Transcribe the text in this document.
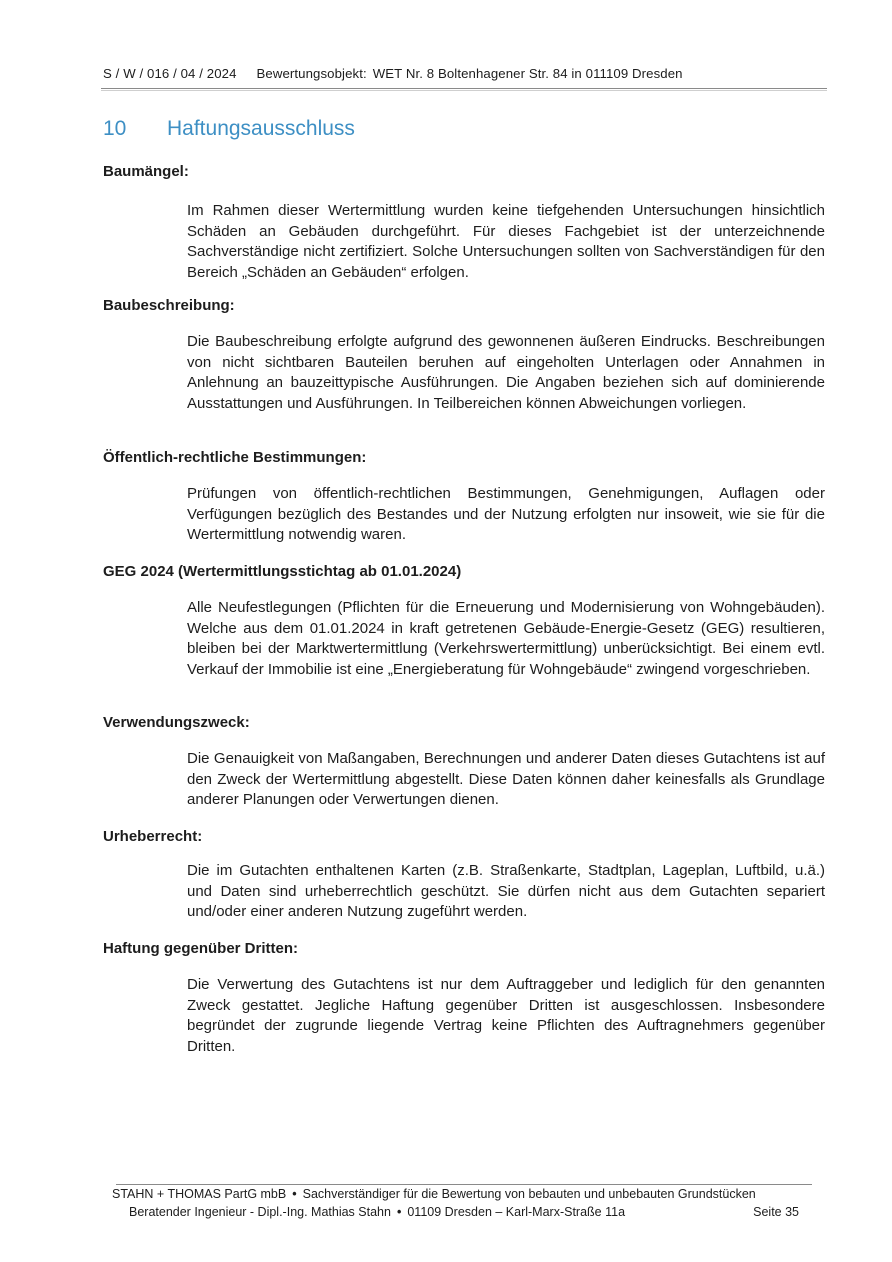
S / W / 016 / 04 / 2024 Bewertungsobjekt: WET Nr. 8 Boltenhagener Str. 84 in 011109 Dresden
10 Haftungsausschluss
Baumängel:

Im Rahmen dieser Wertermittlung wurden keine tiefgehenden Untersuchungen hinsichtlich Schäden an Gebäuden durchgeführt. Für dieses Fachgebiet ist der unterzeichnende Sachverständige nicht zertifiziert. Solche Untersuchungen sollten von Sachverständigen für den Bereich „Schäden an Gebäuden“ erfolgen.

Baubeschreibung:

Die Baubeschreibung erfolgte aufgrund des gewonnenen äußeren Eindrucks. Beschreibungen von nicht sichtbaren Bauteilen beruhen auf eingeholten Unterlagen oder Annahmen in Anlehnung an bauzeittypische Ausführungen. Die Angaben beziehen sich auf dominierende Ausstattungen und Ausführungen. In Teilbereichen können Abweichungen vorliegen.

Öffentlich-rechtliche Bestimmungen:

Prüfungen von öffentlich-rechtlichen Bestimmungen, Genehmigungen, Auflagen oder Verfügungen bezüglich des Bestandes und der Nutzung erfolgten nur insoweit, wie sie für die Wertermittlung notwendig waren.

GEG 2024 (Wertermittlungsstichtag ab 01.01.2024)

Alle Neufestlegungen (Pflichten für die Erneuerung und Modernisierung von Wohngebäuden). Welche aus dem 01.01.2024 in kraft getretenen Gebäude-Energie-Gesetz (GEG) resultieren, bleiben bei der Marktwertermittlung (Verkehrswertermittlung) unberücksichtigt. Bei einem evtl. Verkauf der Immobilie ist eine „Energieberatung für Wohngebäude“ zwingend vorgeschrieben.

Verwendungszweck:

Die Genauigkeit von Maßangaben, Berechnungen und anderer Daten dieses Gutachtens ist auf den Zweck der Wertermittlung abgestellt. Diese Daten können daher keinesfalls als Grundlage anderer Planungen oder Verwertungen dienen.

Urheberrecht:

Die im Gutachten enthaltenen Karten (z.B. Straßenkarte, Stadtplan, Lageplan, Luftbild, u.ä.) und Daten sind urheberrechtlich geschützt. Sie dürfen nicht aus dem Gutachten separiert und/oder einer anderen Nutzung zugeführt werden.

Haftung gegenüber Dritten:

Die Verwertung des Gutachtens ist nur dem Auftraggeber und lediglich für den genannten Zweck gestattet. Jegliche Haftung gegenüber Dritten ist ausgeschlossen. Insbesondere begründet der zugrunde liegende Vertrag keine Pflichten des Auftragnehmers gegenüber Dritten.

STAHN + THOMAS PartG mbB • Sachverständiger für die Bewertung von bebauten und unbebauten Grundstücken
Beratender Ingenieur - Dipl.-Ing. Mathias Stahn • 01109 Dresden – Karl-Marx-Straße 11a	Seite 35
